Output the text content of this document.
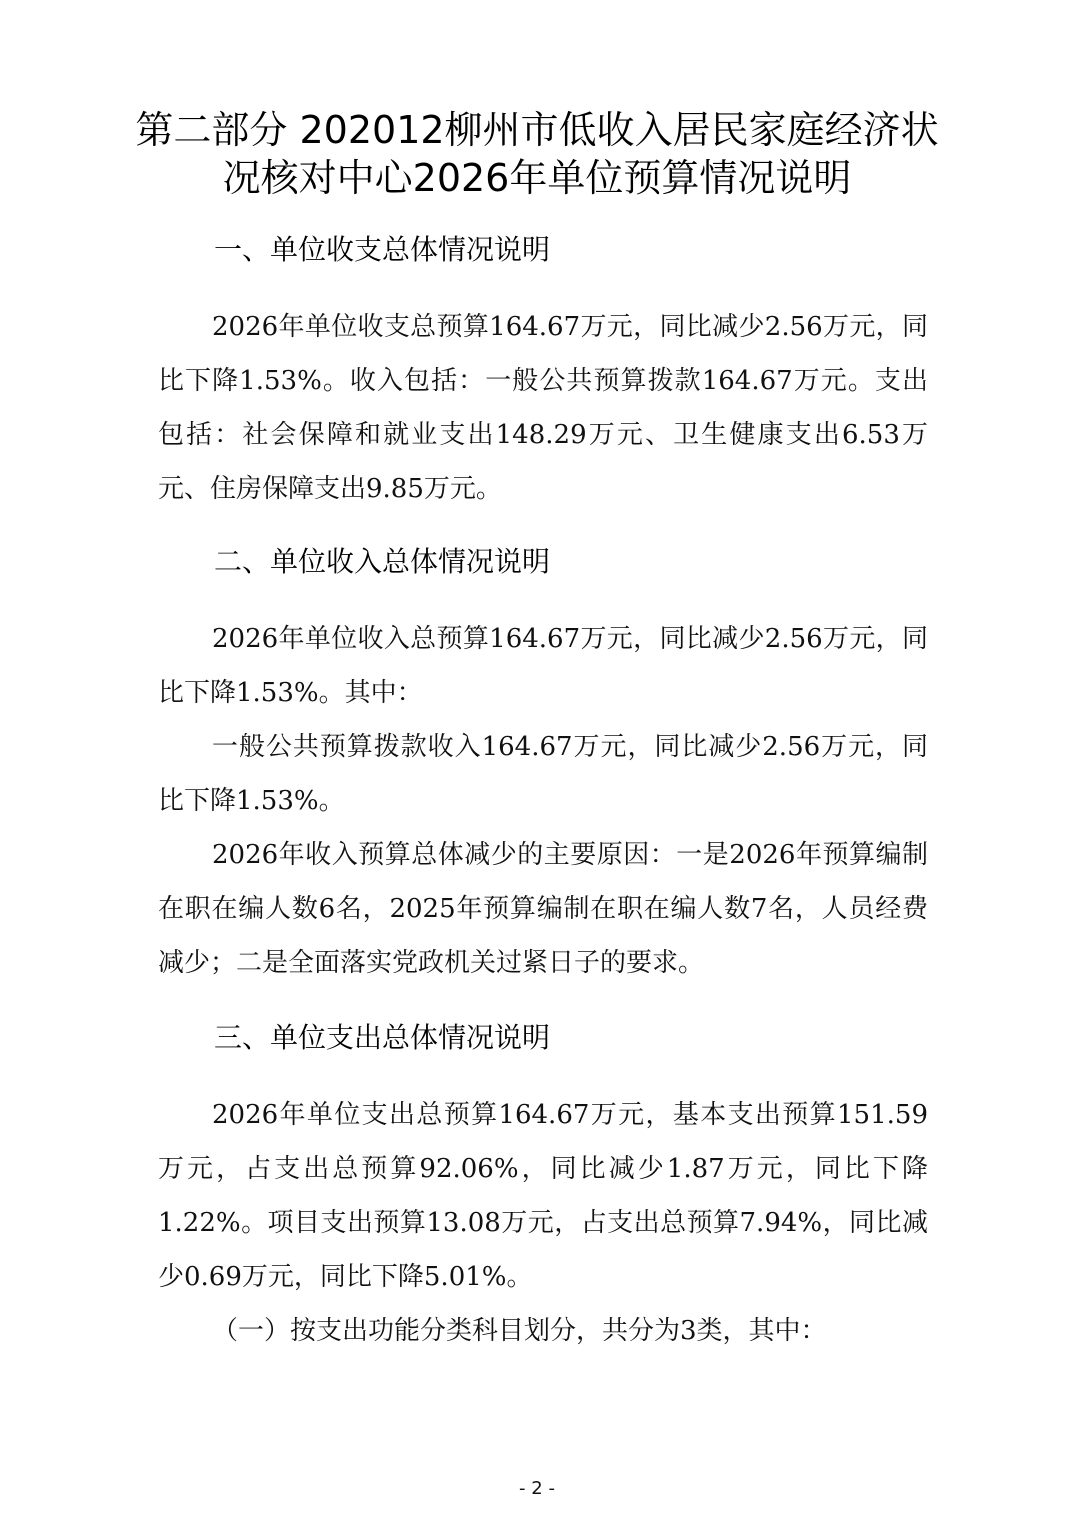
第二部分 202012柳州市低收入居民家庭经济状况核对中心2026年单位预算情况说明
一、单位收支总体情况说明

2026年单位收支总预算164.67万元，同比减少2.56万元，同比下降1.53%。收入包括：一般公共预算拨款164.67万元。支出包括：社会保障和就业支出148.29万元、卫生健康支出6.53万元、住房保障支出9.85万元。

二、单位收入总体情况说明

2026年单位收入总预算164.67万元，同比减少2.56万元，同比下降1.53%。其中：

一般公共预算拨款收入164.67万元，同比减少2.56万元，同比下降1.53%。

2026年收入预算总体减少的主要原因：一是2026年预算编制在职在编人数6名，2025年预算编制在职在编人数7名，人员经费减少；二是全面落实党政机关过紧日子的要求。

三、单位支出总体情况说明

2026年单位支出总预算164.67万元，基本支出预算151.59万元，占支出总预算92.06%，同比减少1.87万元，同比下降1.22%。项目支出预算13.08万元，占支出总预算7.94%，同比减少0.69万元，同比下降5.01%。

（一）按支出功能分类科目划分，共分为3类，其中：

- 2 -
